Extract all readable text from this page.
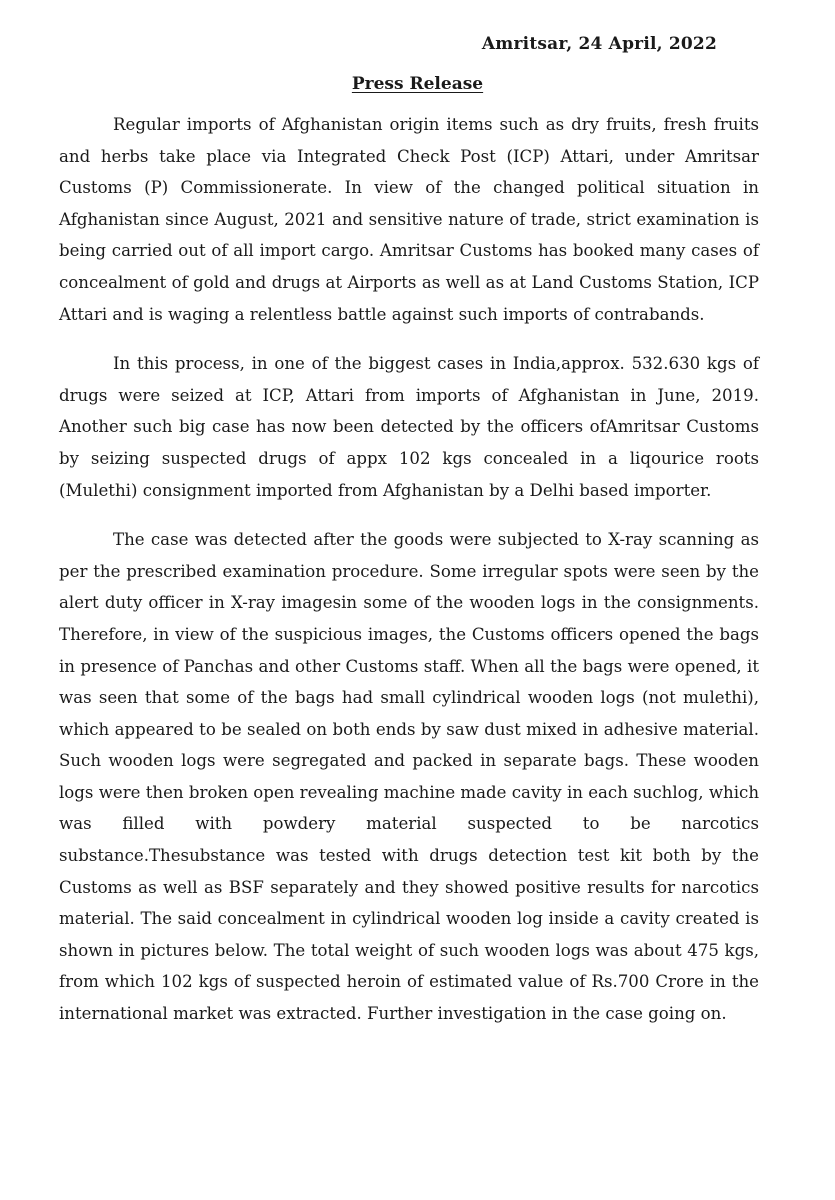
Amritsar, 24 April, 2022
Press Release

Regular imports of Afghanistan origin items such as dry fruits, fresh fruits and herbs take place via Integrated Check Post (ICP) Attari, under Amritsar Customs (P) Commissionerate. In view of the changed political situation in Afghanistan since August, 2021 and sensitive nature of trade, strict examination is being carried out of all import cargo. Amritsar Customs has booked many cases of concealment of gold and drugs at Airports as well as at Land Customs Station, ICP Attari and is waging a relentless battle against such imports of contrabands.

In this process, in one of the biggest cases in India,approx. 532.630 kgs of drugs were seized at ICP, Attari from imports of Afghanistan in June, 2019. Another such big case has now been detected by the officers ofAmritsar Customs by seizing suspected drugs of appx 102 kgs concealed in a liqourice roots (Mulethi) consignment imported from Afghanistan by a Delhi based importer.

The case was detected after the goods were subjected to X-ray scanning as per the prescribed examination procedure. Some irregular spots were seen by the alert duty officer in X-ray imagesin some of the wooden logs in the consignments. Therefore, in view of the suspicious images, the Customs officers opened the bags in presence of Panchas and other Customs staff. When all the bags were opened, it was seen that some of the bags had small cylindrical wooden logs (not mulethi), which appeared to be sealed on both ends by saw dust mixed in adhesive material. Such wooden logs were segregated and packed in separate bags. These wooden logs were then broken open revealing machine made cavity in each suchlog, which was filled with powdery material suspected to be narcotics substance.Thesubstance was tested with drugs detection test kit both by the Customs as well as BSF separately and they showed positive results for narcotics material. The said concealment in cylindrical wooden log inside a cavity created is shown in pictures below. The total weight of such wooden logs was about 475 kgs, from which 102 kgs of suspected heroin of estimated value of Rs.700 Crore in the international market was extracted. Further investigation in the case going on.
